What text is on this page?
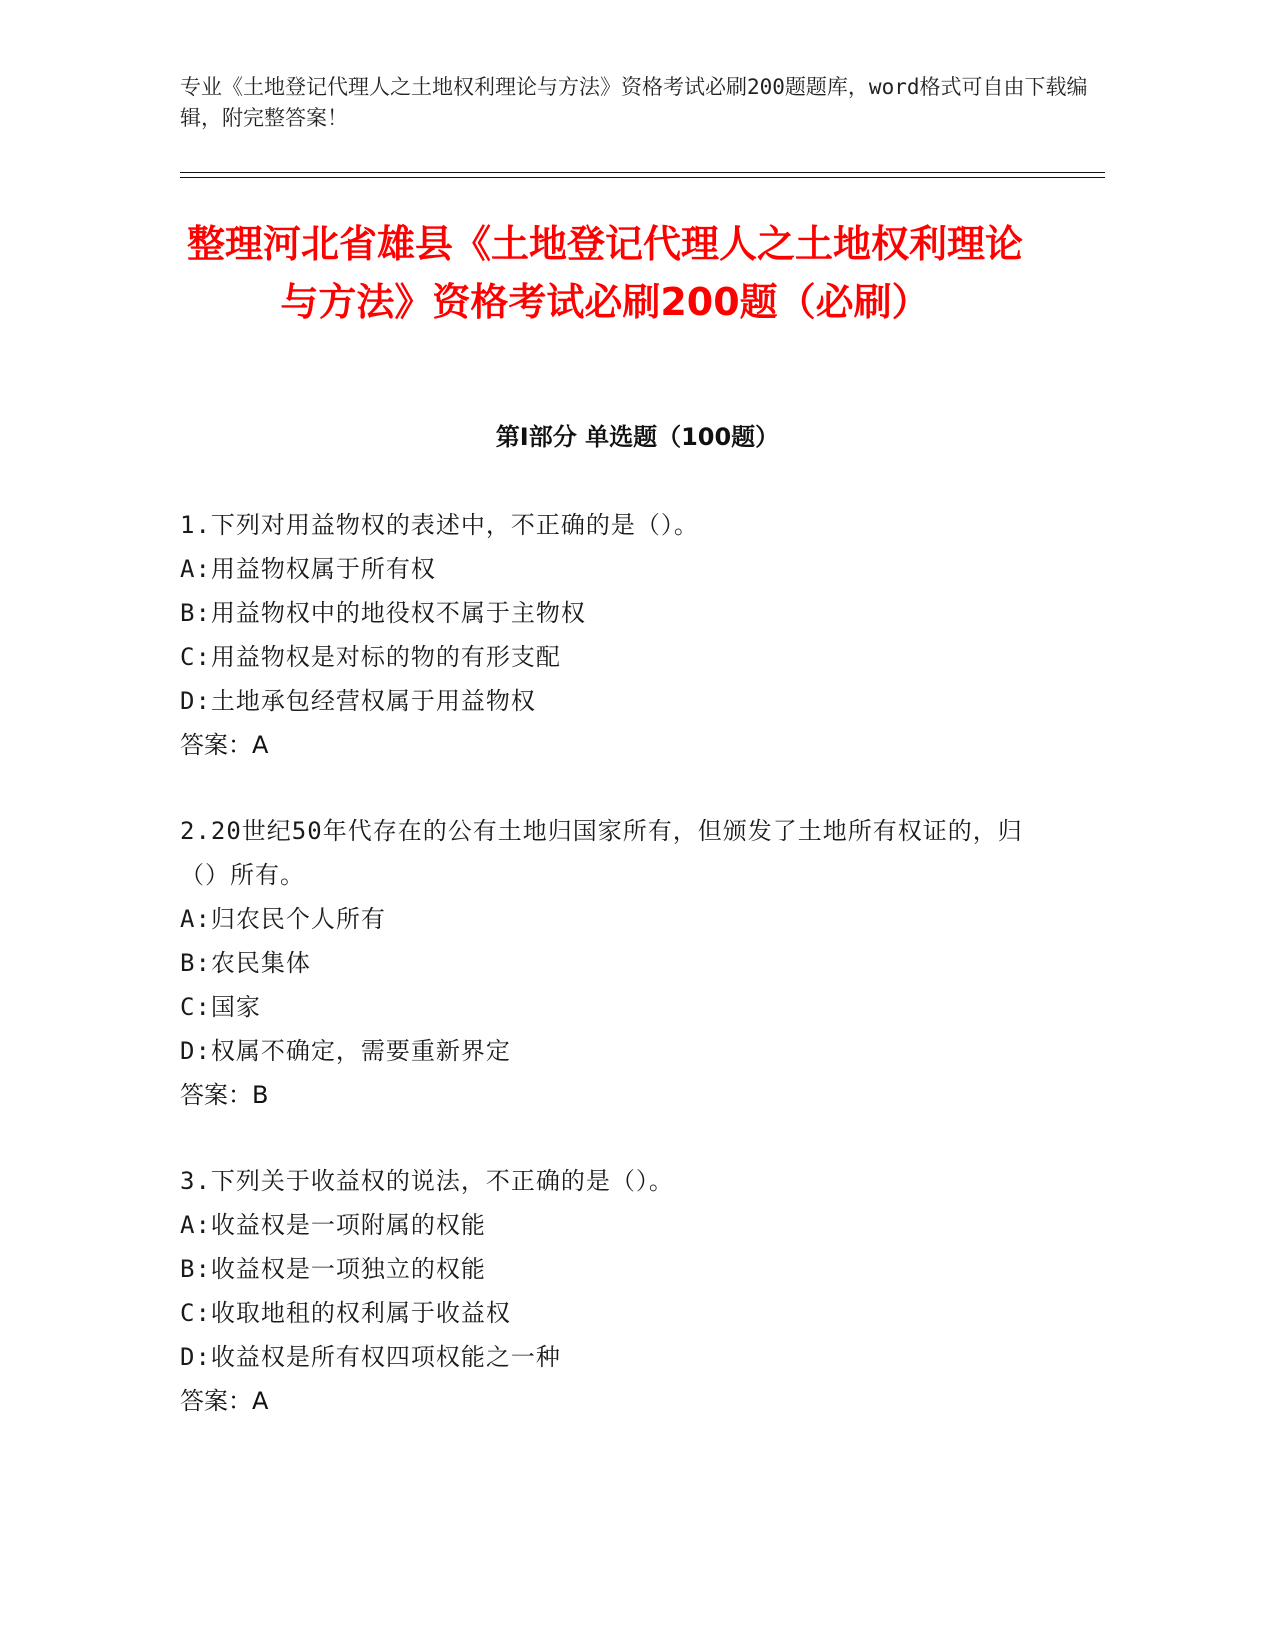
专业《土地登记代理人之土地权利理论与方法》资格考试必刷200题题库，word格式可自由下载编辑，附完整答案！
整理河北省雄县《土地登记代理人之土地权利理论与方法》资格考试必刷200题（必刷）
第I部分 单选题（100题）
1.下列对用益物权的表述中，不正确的是（）。
A:用益物权属于所有权
B:用益物权中的地役权不属于主物权
C:用益物权是对标的物的有形支配
D:土地承包经营权属于用益物权
答案：A
2.20世纪50年代存在的公有土地归国家所有，但颁发了土地所有权证的，归（）所有。
A:归农民个人所有
B:农民集体
C:国家
D:权属不确定，需要重新界定
答案：B
3.下列关于收益权的说法，不正确的是（）。
A:收益权是一项附属的权能
B:收益权是一项独立的权能
C:收取地租的权利属于收益权
D:收益权是所有权四项权能之一种
答案：A
